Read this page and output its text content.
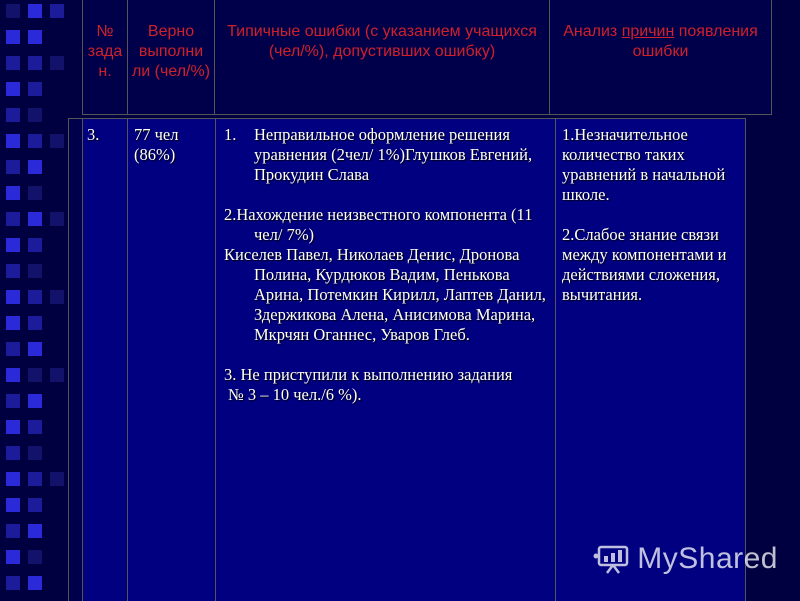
№ зада н.
Верно выполни ли (чел/%)
Типичные ошибки (с указанием учащихся (чел/%), допустивших ошибку)
Анализ причин появления ошибки
3.	77 чел (86%)
1. Неправильное оформление решения уравнения (2чел/ 1%)Глушков Евгений, Прокудин Слава
2.Нахождение неизвестного компонента (11 чел/ 7%)
Киселев Павел, Николаев Денис, Дронова Полина, Курдюков Вадим, Пенькова Арина, Потемкин Кирилл, Лаптев Данил, Здержикова Алена, Анисимова Марина, Мкрчян Оганнес, Уваров Глеб.
3. Не приступили к выполнению задания
№ 3 – 10 чел./6 %).
1.Незначительное количество таких уравнений в начальной школе.
2.Слабое знание связи между компонентами и действиями сложения, вычитания.
MyShared
